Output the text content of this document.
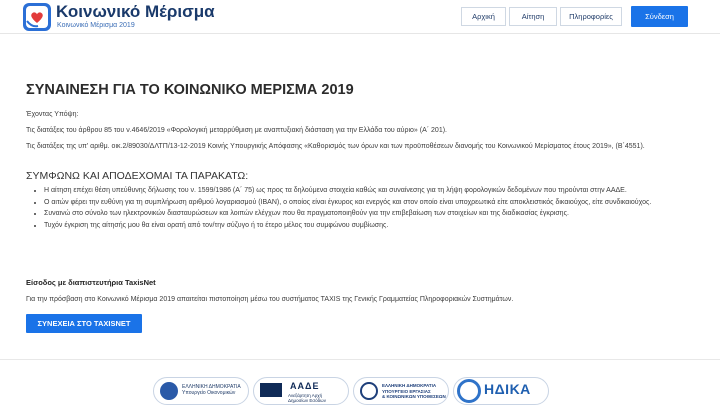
Κοινωνικό Μέρισμα
Κοινωνικό Μέρισμα 2019
Αρχική	Αίτηση	Πληροφορίες	Σύνδεση
ΣΥΝΑΙΝΕΣΗ ΓΙΑ ΤΟ ΚΟΙΝΩΝΙΚΟ ΜΕΡΙΣΜΑ 2019

Έχοντας Υπόψη:

Τις διατάξεις του άρθρου 85 του ν.4646/2019 «Φορολογική μεταρρύθμιση με αναπτυξιακή διάσταση για την Ελλάδα του αύριο» (Α΄ 201).

Τις διατάξεις της υπ' αριθμ. οικ.2/89030/ΔΛΤΠ/13-12-2019 Κοινής Υπουργικής Απόφασης «Καθορισμός των όρων και των προϋποθέσεων διανομής του Κοινωνικού Μερίσματος έτους 2019», (Β΄4551).

ΣΥΜΦΩΝΩ ΚΑΙ ΑΠΟΔΕΧΟΜΑΙ ΤΑ ΠΑΡΑΚΑΤΩ:
• Η αίτηση επέχει θέση υπεύθυνης δήλωσης του ν. 1599/1986 (Α΄ 75) ως προς τα δηλούμενα στοιχεία καθώς και συναίνεσης για τη λήψη φορολογικών δεδομένων που τηρούνται στην ΑΑΔΕ.
• Ο αιτών φέρει την ευθύνη για τη συμπλήρωση αριθμού λογαριασμού (IBAN), ο οποίος είναι έγκυρος και ενεργός και στον οποίο είναι υποχρεωτικά είτε αποκλειστικός δικαιούχος, είτε συνδικαιούχος.
• Συναινώ στο σύνολο των ηλεκτρονικών διασταυρώσεων και λοιπών ελέγχων που θα πραγματοποιηθούν για την επιβεβαίωση των στοιχείων και της διαδικασίας έγκρισης.
• Τυχόν έγκριση της αίτησής μου θα είναι ορατή από τον/την σύζυγο ή το έτερο μέλος του συμφώνου συμβίωσης.
Είσοδος με διαπιστευτήρια TaxisNet
Για την πρόσβαση στο Κοινωνικό Μέρισμα 2019 απαιτείται πιστοποίηση μέσω του συστήματος TAXIS της Γενικής Γραμματείας Πληροφοριακών Συστημάτων.
ΣΥΝΕΧΕΙΑ ΣΤΟ TAXISNET
ΕΛΛΗΝΙΚΗ ΔΗΜΟΚΡΑΤΙΑ
Υπουργείο Οικονομικών
ΑΑΔΕ
Ανεξάρτητη Αρχή
Δημοσίων Εσόδων
ΕΛΛΗΝΙΚΗ ΔΗΜΟΚΡΑΤΙΑ
ΥΠΟΥΡΓΕΙΟ ΕΡΓΑΣΙΑΣ
& ΚΟΙΝΩΝΙΚΩΝ ΥΠΟΘΕΣΕΩΝ	ΗΔΙΚΑ
